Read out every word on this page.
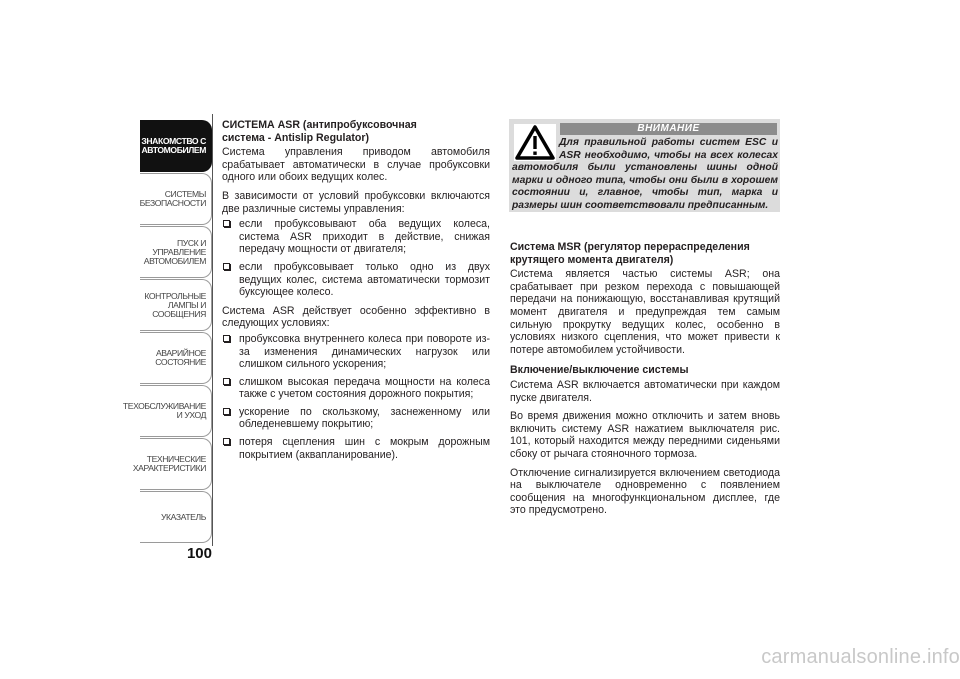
ЗНАКОМСТВО С
АВТОМОБИЛЕМ
СИСТЕМЫ
БЕЗОПАСНОСТИ
ПУСК И УПРАВЛЕНИЕ
АВТОМОБИЛЕМ
КОНТРОЛЬНЫЕ
ЛАМПЫ И
СООБЩЕНИЯ
АВАРИЙНОЕ
СОСТОЯНИЕ
ТЕХОБСЛУЖИВАНИЕ
И УХОД
ТЕХНИЧЕСКИЕ
ХАРАКТЕРИСТИКИ
УКАЗАТЕЛЬ
100
СИСТЕМА ASR (антипробуксовочная
система - Antislip Regulator)

Система управления приводом автомобиля срабатывает автоматически в случае пробуксовки одного или обоих ведущих колес.

В зависимости от условий пробуксовки включаются две различные системы управления:

если пробуксовывают оба ведущих колеса, система ASR приходит в действие, снижая передачу мощности от двигателя;
если пробуксовывает только одно из двух ведущих колес, система автоматически тормозит буксующее колесо.

Система ASR действует особенно эффективно в следующих условиях:

пробуксовка внутреннего колеса при повороте из-за изменения динамических нагрузок или слишком сильного ускорения;
слишком высокая передача мощности на колеса также с учетом состояния дорожного покрытия;
ускорение по скользкому, заснеженному или обледеневшему покрытию;
потеря сцепления шин с мокрым дорожным покрытием (аквапланирование).
ВНИМАНИЕ
Для правильной работы систем ESC и ASR необходимо, чтобы на всех колесах автомобиля были установлены шины одной марки и одного типа, чтобы они были в хорошем состоянии и, главное, чтобы тип, марка и размеры шин соответствовали предписанным.
Система MSR (регулятор перераспределения
крутящего момента двигателя)

Система является частью системы ASR; она срабатывает при резком перехода с повышающей передачи на понижающую, восстанавливая крутящий момент двигателя и предупреждая тем самым сильную прокрутку ведущих колес, особенно в условиях низкого сцепления, что может привести к потере автомобилем устойчивости.

Включение/выключение системы

Система ASR включается автоматически при каждом пуске двигателя.

Во время движения можно отключить и затем вновь включить систему ASR нажатием выключателя рис. 101, который находится между передними сиденьями сбоку от рычага стояночного тормоза.

Отключение сигнализируется включением светодиода на выключателе одновременно с появлением сообщения на многофункциональном дисплее, где это предусмотрено.

carmanualsonline.info
